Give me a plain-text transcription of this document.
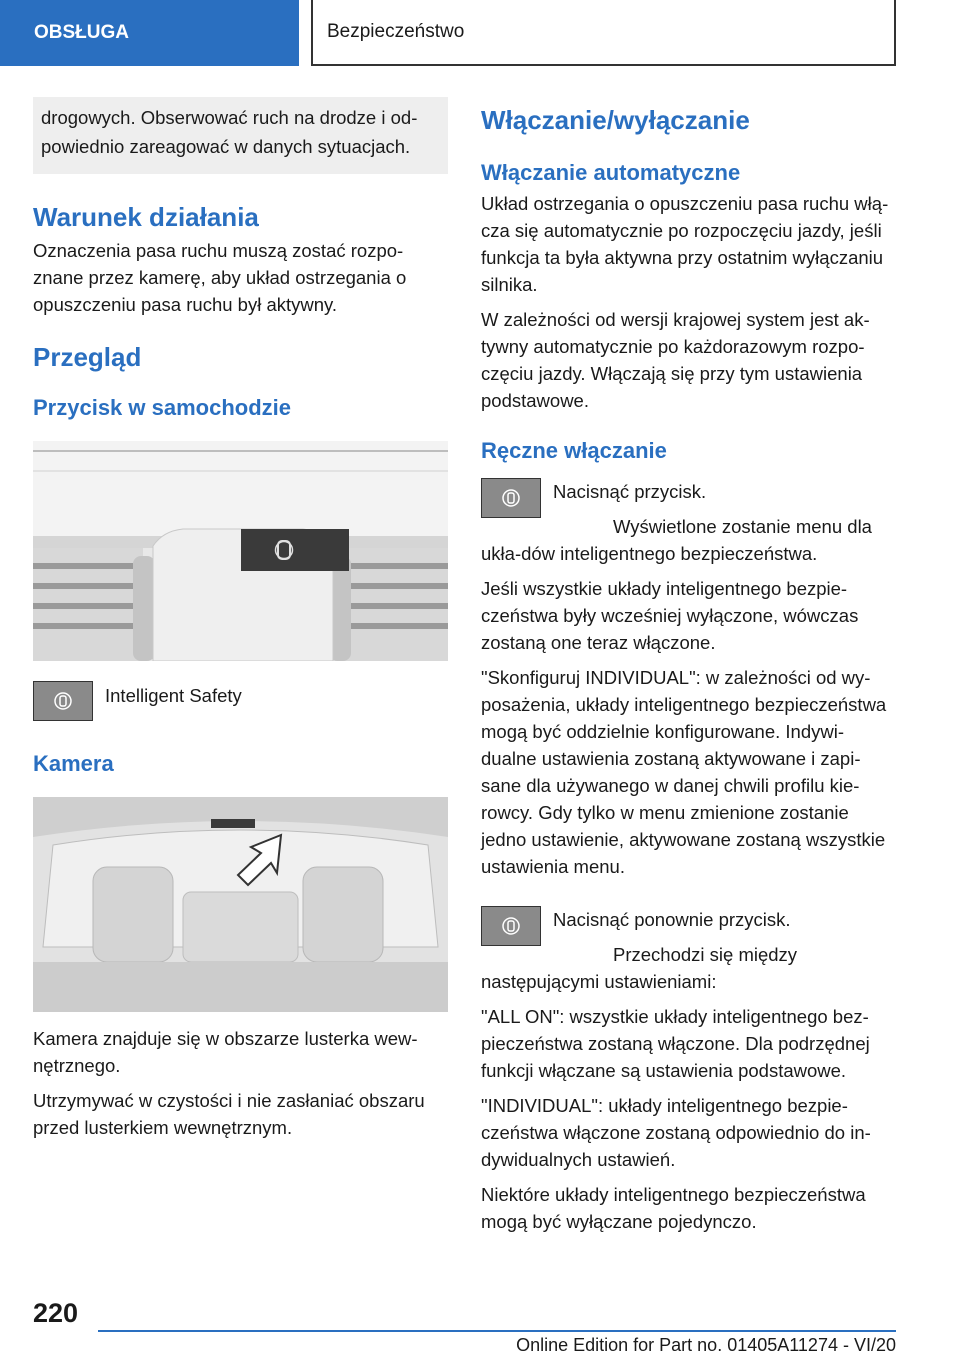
OBSŁUGA	Bezpieczeństwo
drogowych. Obserwować ruch na drodze i od-powiednio zareagować w danych sytuacjach.
Warunek działania

Oznaczenia pasa ruchu muszą zostać rozpo-znane przez kamerę, aby układ ostrzegania o opuszczeniu pasa ruchu był aktywny.

Przegląd
Przycisk w samochodzie

Intelligent Safety

Kamera

Kamera znajduje się w obszarze lusterka wew-nętrznego.

Utrzymywać w czystości i nie zasłaniać obszaru przed lusterkiem wewnętrznym.

Włączanie/wyłączanie
Włączanie automatyczne

Układ ostrzegania o opuszczeniu pasa ruchu włą-cza się automatycznie po rozpoczęciu jazdy, jeśli funkcja ta była aktywna przy ostatnim wyłączaniu silnika.

W zależności od wersji krajowej system jest ak-tywny automatycznie po każdorazowym rozpo-częciu jazdy. Włączają się przy tym ustawienia podstawowe.

Ręczne włączanie

Nacisnąć przycisk.

Wyświetlone zostanie menu dla ukła-dów inteligentnego bezpieczeństwa.

Jeśli wszystkie układy inteligentnego bezpie-czeństwa były wcześniej wyłączone, wówczas zostaną one teraz włączone.

"Skonfiguruj INDIVIDUAL": w zależności od wy-posażenia, układy inteligentnego bezpieczeństwa mogą być oddzielnie konfigurowane. Indywi-dualne ustawienia zostaną aktywowane i zapi-sane dla używanego w danej chwili profilu kie-rowcy. Gdy tylko w menu zmienione zostanie jedno ustawienie, aktywowane zostaną wszystkie ustawienia menu.

Nacisnąć ponownie przycisk.

Przechodzi się między następującymi ustawieniami:

"ALL ON": wszystkie układy inteligentnego bez-pieczeństwa zostaną włączone. Dla podrzędnej funkcji włączane są ustawienia podstawowe.

"INDIVIDUAL": układy inteligentnego bezpie-czeństwa włączone zostaną odpowiednio do in-dywidualnych ustawień.

Niektóre układy inteligentnego bezpieczeństwa mogą być wyłączane pojedynczo.

220
Online Edition for Part no. 01405A11274 - VI/20
